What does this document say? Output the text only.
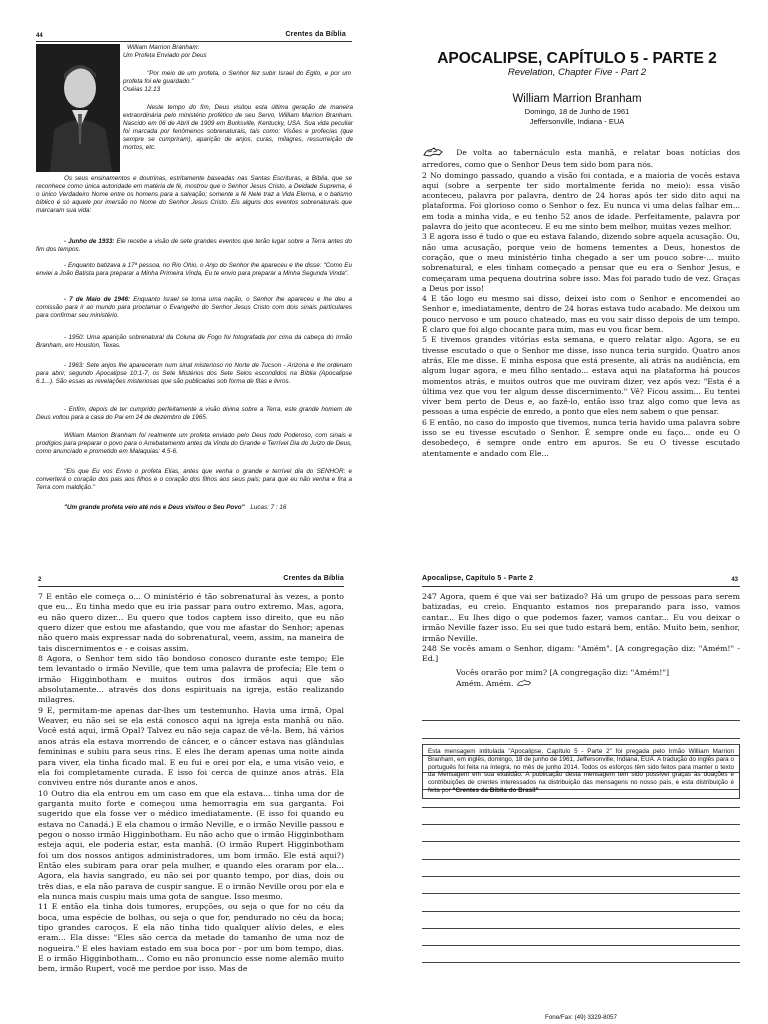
44	Crentes da Bíblia
William Marrion Branham:
Um Profeta Enviado por Deus
"Por meio de um profeta, o Senhor fez subir Israel do Egito, e por um profeta foi ele guardado."
Oséias 12.13
Neste tempo do fim, Deus visitou esta última geração de maneira extraordinária pelo ministério profético de seu Servo, William Marrion Branham. Nascido em 06 de Abril de 1909 em Burksville, Kentucky, USA. Sua vida peculiar foi marcada por fenômenos sobrenaturais, tais como: Visões e profecias (que sempre se cumpriram), aparição de anjos, curas, milagres, ressurreição de mortos, etc.

Os seus ensinamentos e doutrinas, estritamente baseadas nas Santas Escrituras, a Bíblia, que se reconhece como única autoridade em matéria de fé, mostrou que o Senhor Jesus Cristo, a Deidade Suprema, é o único Verdadeiro Nome entre os homens para a salvação; somente a fé Nele traz a Vida Eterna, e o batismo bíblico é só aquele por imersão no Nome do Senhor Jesus Cristo. Eis alguns dos eventos sobrenaturais que marcaram sua vida:

- Junho de 1933: Ele recebe a visão de sete grandes eventos que terão lugar sobre a Terra antes do fim dos tempos.

- Enquanto batizava a 17ª pessoa, no Rio Ohio, o Anjo do Senhor lhe apareceu e lhe disse: "Como Eu enviei a João Batista para preparar a Minha Primeira Vinda, Eu te envio para preparar a Minha Segunda Vinda".

- 7 de Maio de 1946: Enquanto Israel se torna uma nação, o Senhor lhe apareceu e lhe deu a comissão para ir ao mundo para proclamar o Evangelho do Senhor Jesus Cristo com dois sinais particulares para confirmar seu ministério.

- 1950: Uma aparição sobrenatural da Coluna de Fogo foi fotografada por cima da cabeça do Irmão Branham, em Houston, Texas.

- 1963: Sete anjos lhe apareceram num sinal misterioso no Norte de Tucson - Arizona e lhe ordenam para abrir, segundo Apocalipse 10:1-7, os Sete Mistérios dos Sete Selos escondidos na Bíblia (Apocalipse 6.1...). São essas as revelações misteriosas que são publicadas sob forma de fitas e livros.

- Enfim, depois de ter cumprido perfeitamente a visão divina sobre a Terra, este grande homem de Deus voltou para a casa do Pai em 24 de dezembro de 1965.

William Marrion Branham foi realmente um profeta enviado pelo Deus todo Poderoso, com sinais e prodígios para preparar o povo para o Arrebatamento antes da Vinda do Grande e Terrível Dia do Juízo de Deus, como anunciado e prometido em Malaquias: 4.5-6.

"Eis que Eu vos Envio o profeta Elias, antes que venha o grande e terrível dia do SENHOR; e converterá o coração dos pais aos filhos e o coração dos filhos aos seus pais; para que eu não venha e fira a Terra com maldição."

"Um grande profeta veio até nós e Deus visitou o Seu Povo" Lucas: 7 : 16

APOCALIPSE, CAPÍTULO 5 - PARTE 2
Revelation, Chapter Five - Part 2
William Marrion Branham
Domingo, 18 de Junho de 1961
Jeffersonville, Indiana - EUA

De volta ao tabernáculo esta manhã, e relatar boas notícias dos arredores, como que o Senhor Deus tem sido bom para nós.

2 No domingo passado, quando a visão foi contada, e a maioria de vocês estava aqui (sobre a serpente ter sido mortalmente ferida no meio): essa visão aconteceu, palavra por palavra, dentro de 24 horas após ter sido dito aqui na plataforma. Foi glorioso como o Senhor o fez. Eu nunca vi uma delas falhar em... em toda a minha vida, e eu tenho 52 anos de idade. Perfeitamente, palavra por palavra do jeito que aconteceu. E eu me sinto bem melhor, muitas vezes melhor.

3 E agora isso é tudo o que eu estava falando, dizendo sobre aquela acusação. Ou, não uma acusação, porque veio de homens tementes a Deus, honestos de coração, que o meu ministério tinha chegado a ser um pouco sobre-... muito sobrenatural, e eles tinham começado a pensar que eu era o Senhor Jesus, e começaram uma pequena doutrina sobre isso. Mas foi parado tudo de vez. Graças a Deus por isso!

4 E tão logo eu mesmo sai disso, deixei isto com o Senhor e encomendei ao Senhor e, imediatamente, dentro de 24 horas estava tudo acabado. Me deixou um pouco nervoso e um pouco chateado, mas eu vou sair disso depois de um tempo. É claro que foi algo chocante para mim, mas eu vou ficar bem.

5 E tivemos grandes vitórias esta semana, e quero relatar algo. Agora, se eu tivesse escutado o que o Senhor me disse, isso nunca teria surgido. Quatro anos atrás, Ele me disse. E minha esposa que está presente, ali atrás na audiência, em algum lugar agora, e meu filho sentado... estava aqui na plataforma há poucos momentos atrás, e muitos outros que me ouviram dizer, vez após vez: "Esta é a última vez que vou ter algum desse discernimento." Vê? Ficou assim... Eu tentei viver bem perto de Deus e, ao fazê-lo, então isso traz algo como que leva as pessoas a uma espécie de enredo, a ponto que eles nem sabem o que pensar.

6 E então, no caso do imposto que tivemos, nunca teria havido uma palavra sobre isso se eu tivesse escutado o Senhor. É sempre onde eu faço... onde eu O desobedeço, é sempre onde entro em apuros. Se eu O tivesse escutado atentamente e andado com Ele...

2	Crentes da Bíblia

7 E então ele começa o... O ministério é tão sobrenatural às vezes, a ponto que eu... Eu tinha medo que eu iria passar para outro extremo. Mas, agora, eu não quero dizer... Eu quero que todos captem isso direito, que eu não quero dizer que estou me afastando, que vou me afastar do Senhor; apenas não quero mais expressar nada do sobrenatural, veem, assim, na maneira de tais discernimentos e - e coisas assim.

8 Agora, o Senhor tem sido tão bondoso conosco durante este tempo; Ele tem levantado o irmão Neville, que tem uma palavra de profecia; Ele tem o irmão Higginbotham e muitos outros dos irmãos aqui que são absolutamente... através dos dons espirituais na igreja, estão realizando milagres.

9 E, permitam-me apenas dar-lhes um testemunho. Havia uma irmã, Opal Weaver, eu não sei se ela está conosco aqui na igreja esta manhã ou não. Você está aqui, irmã Opal? Talvez eu não seja capaz de vê-la. Bem, há vários anos atrás ela estava morrendo de câncer, e o câncer estava nas glândulas femininas e subiu para seus rins. E eles lhe deram apenas uma noite ainda para viver, ela tinha ficado mal. E eu fui e orei por ela, e uma visão veio, e ela foi completamente curada. E isso foi cerca de quinze anos atrás. Ela conviveu entre nós durante anos e anos.

10 Outro dia ela entrou em um caso em que ela estava... tinha uma dor de garganta muito forte e começou uma hemorragia em sua garganta. Foi sugerido que ela fosse ver o médico imediatamente. (E isso foi quando eu estava no Canadá.) E ela chamou o irmão Neville, e o irmão Neville passou e pegou o nosso irmão Higginbotham. Eu não acho que o irmão Higginbotham esteja aqui, ele poderia estar, esta manhã. (O irmão Rupert Higginbotham foi um dos nossos antigos administradores, um bom irmão. Ele está aqui?) Então eles subiram para orar pela mulher, e quando eles oraram por ela... Agora, ela havia sangrado, eu não sei por quanto tempo, por dias, dois ou três dias, e ela não parava de cuspir sangue. E o irmão Neville orou por ela e ela nunca mais cuspiu mais uma gota de sangue. Isso mesmo.

11 E então ela tinha dois tumores, erupções, ou seja o que for no céu da boca, uma espécie de bolhas, ou seja o que for, pendurado no céu da boca; tipo grandes caroços. E ela não tinha tido qualquer alívio deles, e eles eram... Ela disse: "Eles são cerca da metade do tamanho de uma noz de nogueira." E eles haviam estado em sua boca por - por um bom tempo, dias. E o irmão Higginbotham... Como eu não pronuncio esse nome alemão muito bem, irmão Rupert, você me perdoe por isso. Mas de

Apocalipse, Capítulo 5 - Parte 2	43

247 Agora, quem é que vai ser batizado? Há um grupo de pessoas para serem batizadas, eu creio. Enquanto estamos nos preparando para isso, vamos cantar... Eu lhes digo o que podemos fazer, vamos cantar... Eu vou deixar o irmão Neville fazer isso. Eu sei que tudo estará bem, então. Muito bem, senhor, irmão Neville.

248 Se vocês amam o Senhor, digam: "Amém". [A congregação diz: "Amém!" - Ed.]

Vocês orarão por mim? [A congregação diz: "Amém!"]

Amém. Amém.

Esta mensagem intitulada "Apocalipse, Capítulo 5 - Parte 2" foi pregada pelo Irmão William Marrion Branham, em inglês, domingo, 18 de junho de 1961, Jeffersonville, Indiana, EUA. A tradução do inglês para o português foi feita na íntegra, no mês de junho 2014. Todos os esforços têm sido feitos para manter o texto da Mensagem em sua exatidão. A publicação desta mensagem tem sido possível graças às doações e contribuições de crentes interessados na distribuição das mensagens no nosso país, e esta distribuição é feita por "Crentes da Bíblia do Brasil"
Fone/Fax: (49) 3329-8057
